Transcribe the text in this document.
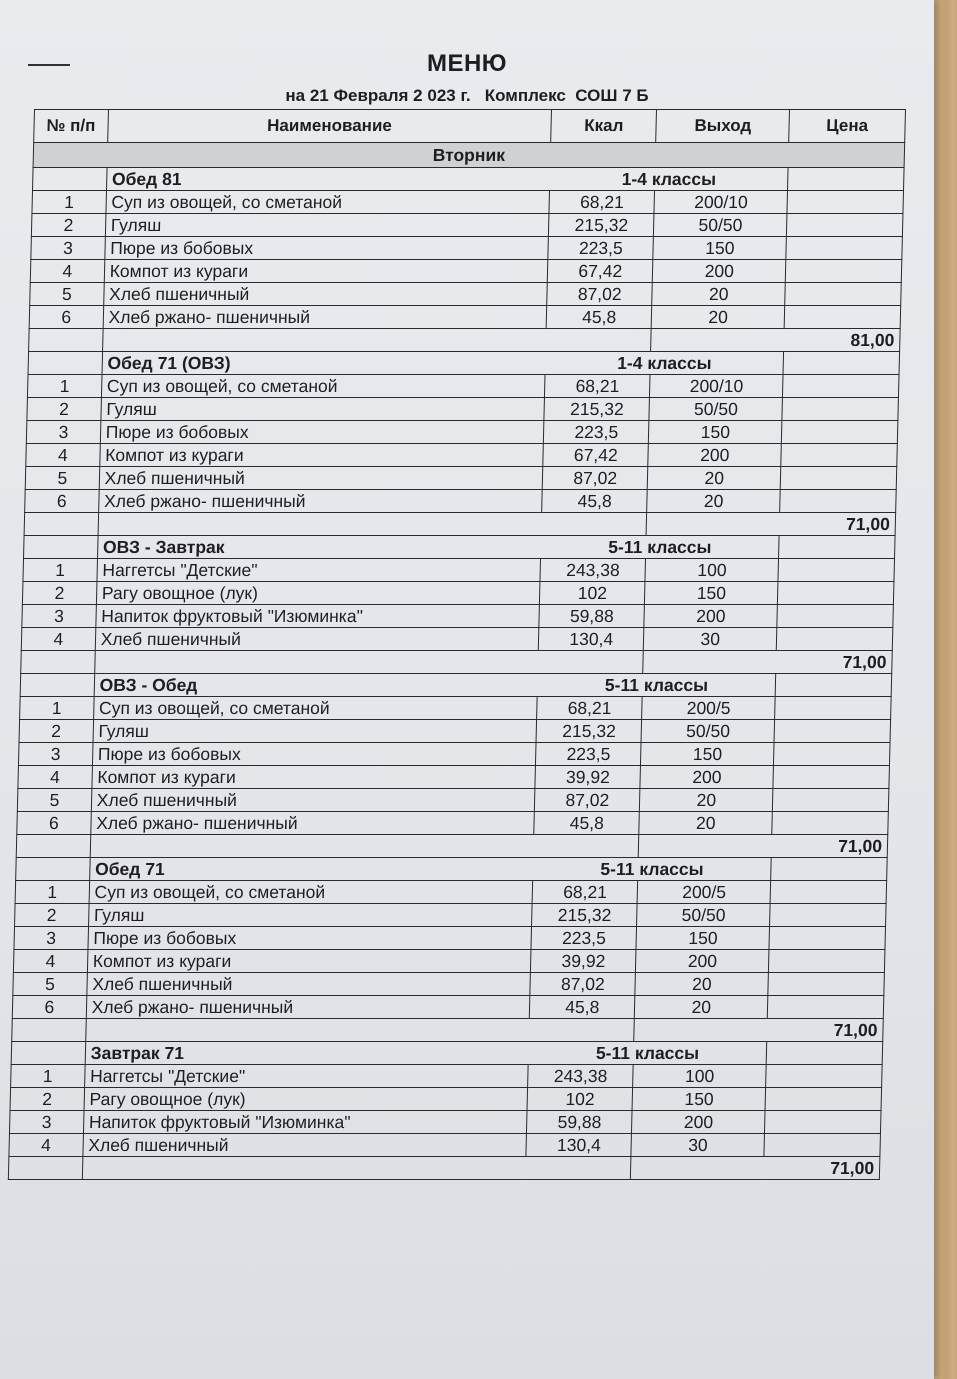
МЕНЮ
на 21 Февраля 2 023 г.   Комплекс  СОШ 7 Б
№ п/п	Наименование	Ккал	Выход	Цена
Вторник				
	Обед 81	1-4 классы		
1	Суп из овощей, со сметаной	68,21	200/10	
2	Гуляш	215,32	50/50	
3	Пюре из бобовых	223,5	150	
4	Компот из кураги	67,42	200	
5	Хлеб пшеничный	87,02	20	
6	Хлеб ржано- пшеничный	45,8	20	
			81,00	
	Обед 71 (ОВЗ)	1-4 классы		
1	Суп из овощей, со сметаной	68,21	200/10	
2	Гуляш	215,32	50/50	
3	Пюре из бобовых	223,5	150	
4	Компот из кураги	67,42	200	
5	Хлеб пшеничный	87,02	20	
6	Хлеб ржано- пшеничный	45,8	20	
			71,00	
	ОВЗ - Завтрак	5-11 классы		
1	Наггетсы "Детские"	243,38	100	
2	Рагу овощное (лук)	102	150	
3	Напиток фруктовый "Изюминка"	59,88	200	
4	Хлеб пшеничный	130,4	30	
			71,00	
	ОВЗ - Обед	5-11 классы		
1	Суп из овощей, со сметаной	68,21	200/5	
2	Гуляш	215,32	50/50	
3	Пюре из бобовых	223,5	150	
4	Компот из кураги	39,92	200	
5	Хлеб пшеничный	87,02	20	
6	Хлеб ржано- пшеничный	45,8	20	
			71,00	
	Обед 71	5-11 классы		
1	Суп из овощей, со сметаной	68,21	200/5	
2	Гуляш	215,32	50/50	
3	Пюре из бобовых	223,5	150	
4	Компот из кураги	39,92	200	
5	Хлеб пшеничный	87,02	20	
6	Хлеб ржано- пшеничный	45,8	20	
			71,00	
	Завтрак 71	5-11 классы		
1	Наггетсы "Детские"	243,38	100	
2	Рагу овощное (лук)	102	150	
3	Напиток фруктовый "Изюминка"	59,88	200	
4	Хлеб пшеничный	130,4	30	
			71,00	
